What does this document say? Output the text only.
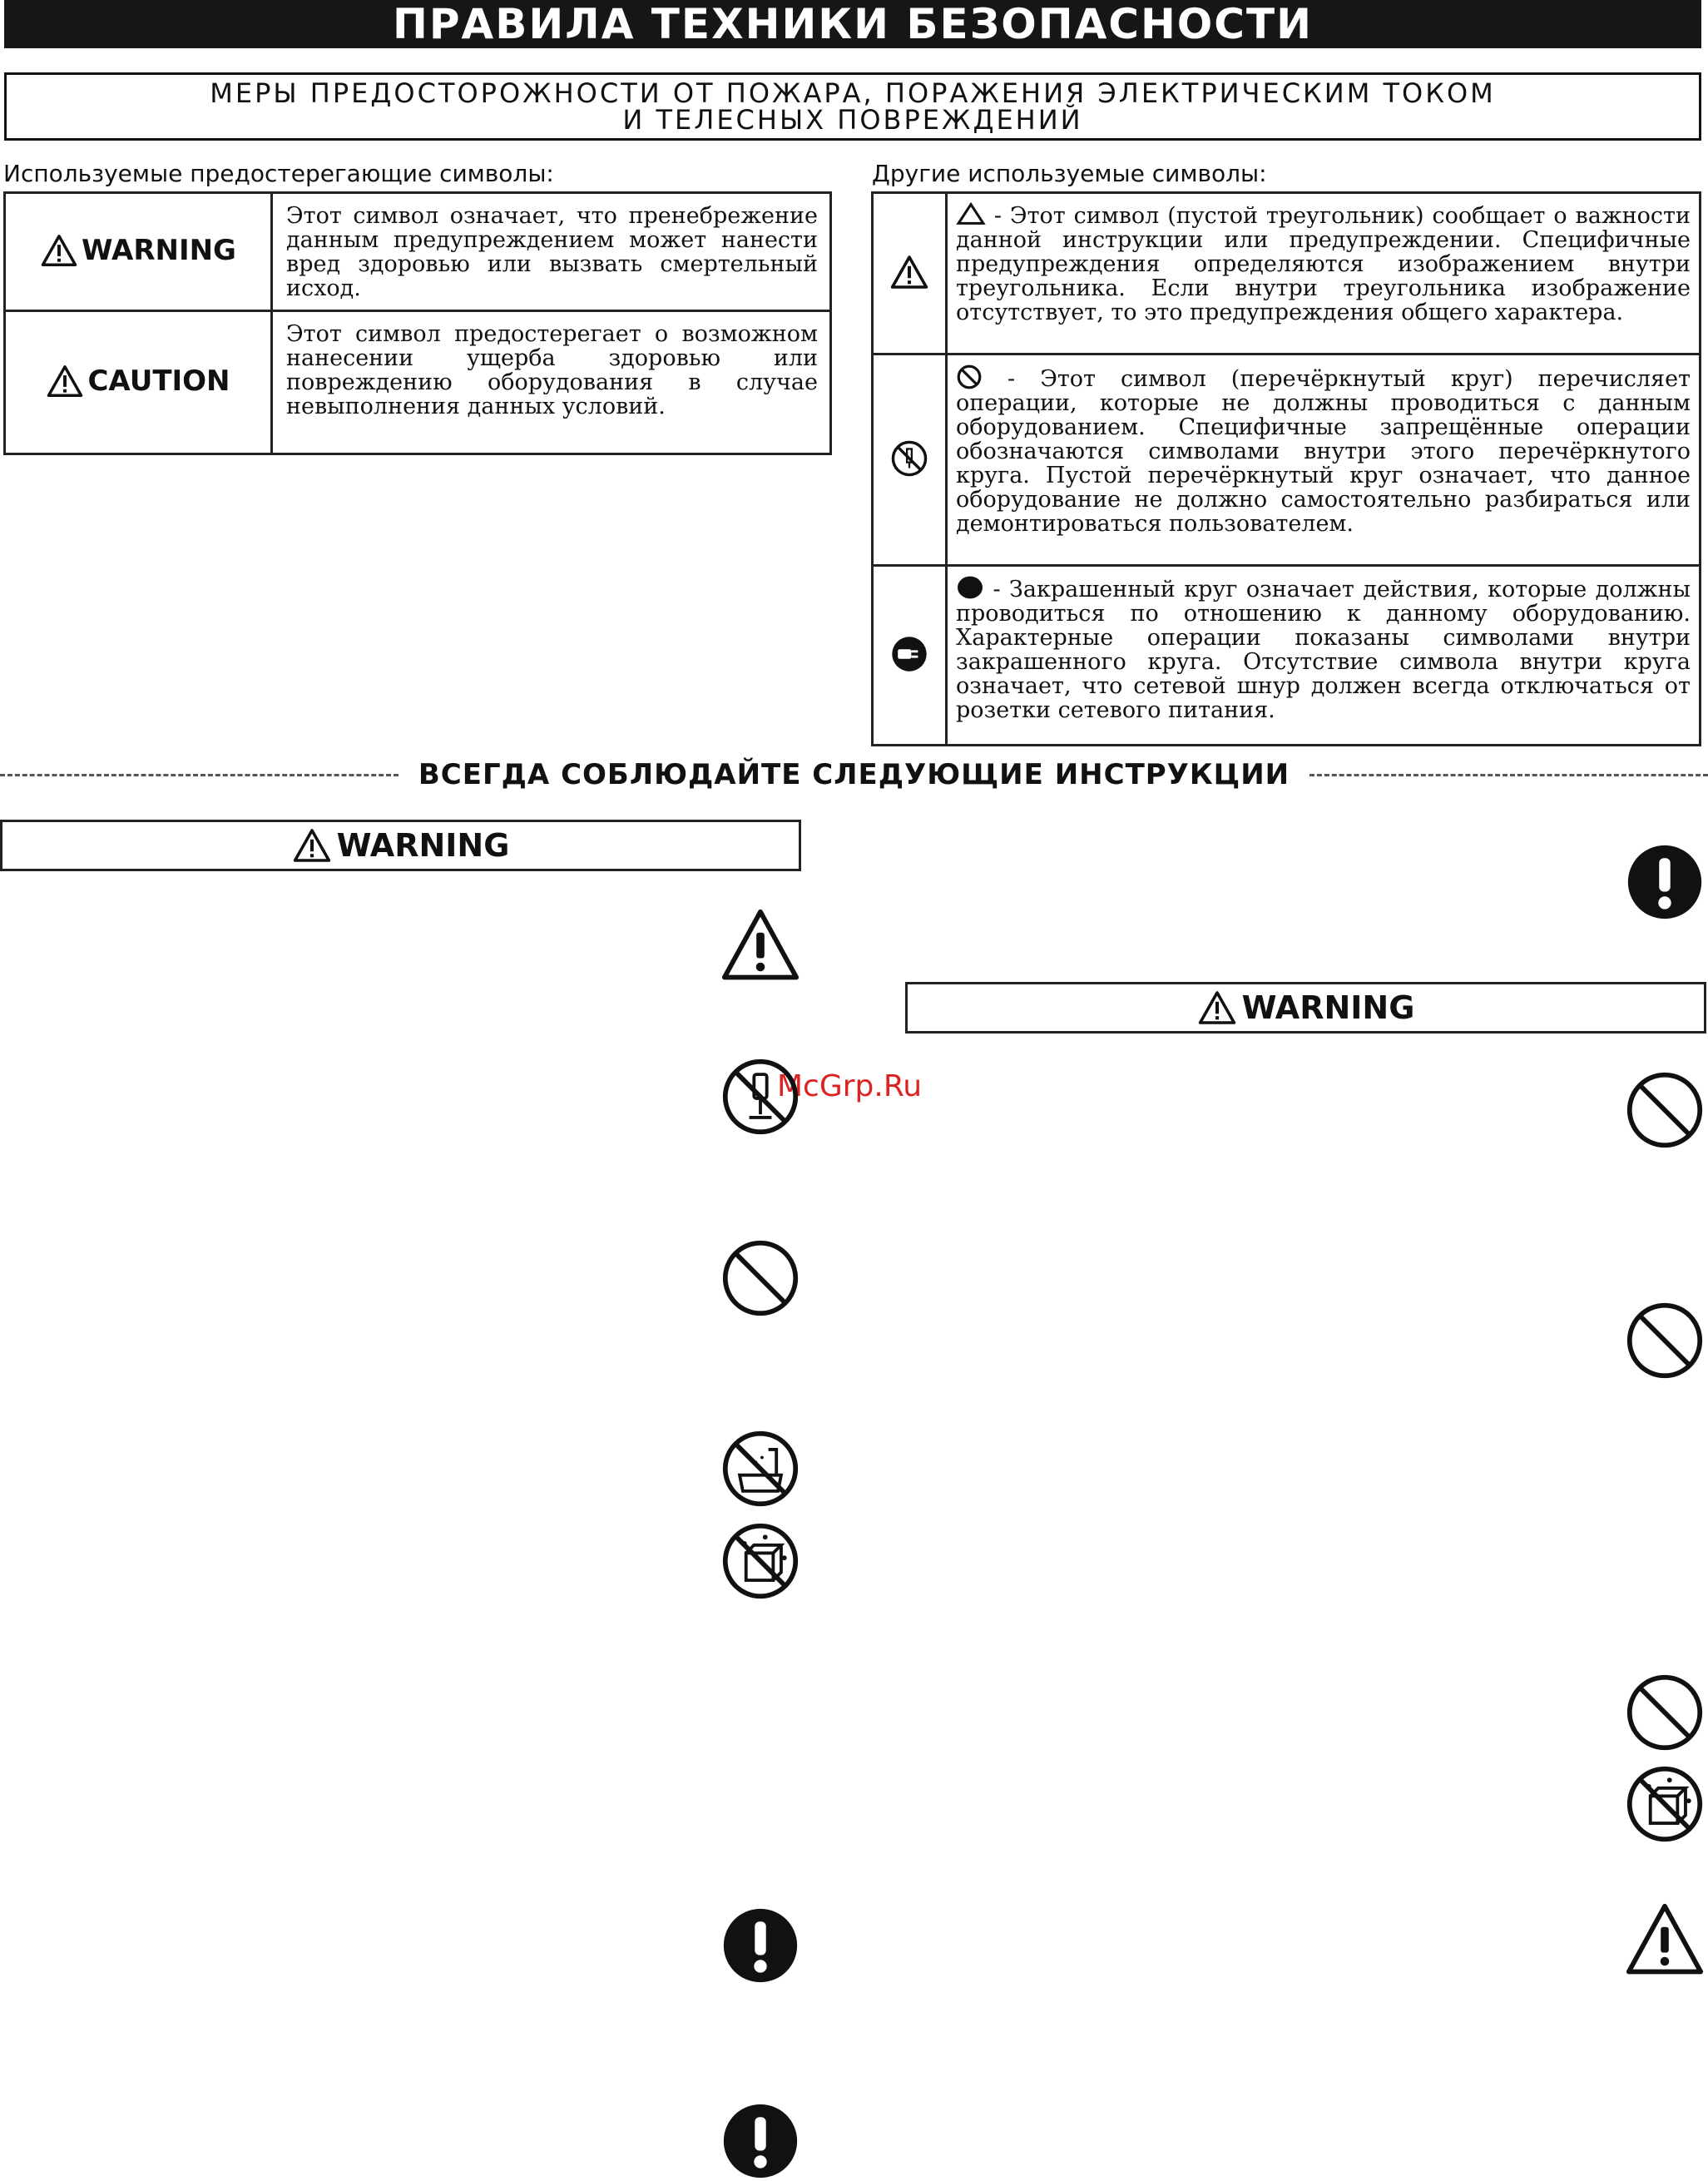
ПРАВИЛА ТЕХНИКИ БЕЗОПАСНОСТИ
МЕРЫ ПРЕДОСТОРОЖНОСТИ ОТ ПОЖАРА, ПОРАЖЕНИЯ ЭЛЕКТРИЧЕСКИМ ТОКОМ
И ТЕЛЕСНЫХ ПОВРЕЖДЕНИЙ
Используемые предостерегающие символы:
WARNING	Этот символ означает, что пренебрежение данным предупреждением может нанести вред здоровью или вызвать смертельный исход.

CAUTION	Этот символ предостерегает о возможном нанесении ущерба здоровью или повреждению оборудования в случае невыполнения данных условий.
Другие используемые символы:

- Этот символ (пустой треугольник) сообщает о важности данной инструкции или предупреждении. Специфичные предупреждения определяются изображением внутри треугольника. Если внутри треугольника изображение отсутствует, то это предупреждения общего характера.

- Этот символ (перечёркнутый круг) перечисляет операции, которые не должны проводиться с данным оборудованием. Специфичные запрещённые операции обозначаются символами внутри этого перечёркнутого круга. Пустой перечёркнутый круг означает, что данное оборудование не должно самостоятельно разбираться или демонтироваться пользователем.

- Закрашенный круг означает действия, которые должны проводиться по отношению к данному оборудованию. Характерные операции показаны символами внутри закрашенного круга. Отсутствие символа внутри круга означает, что сетевой шнур должен всегда отключаться от розетки сетевого питания.
ВСЕГДА СОБЛЮДАЙТЕ СЛЕДУЮЩИЕ ИНСТРУКЦИИ
WARNING
WARNING
McGrp.Ru
